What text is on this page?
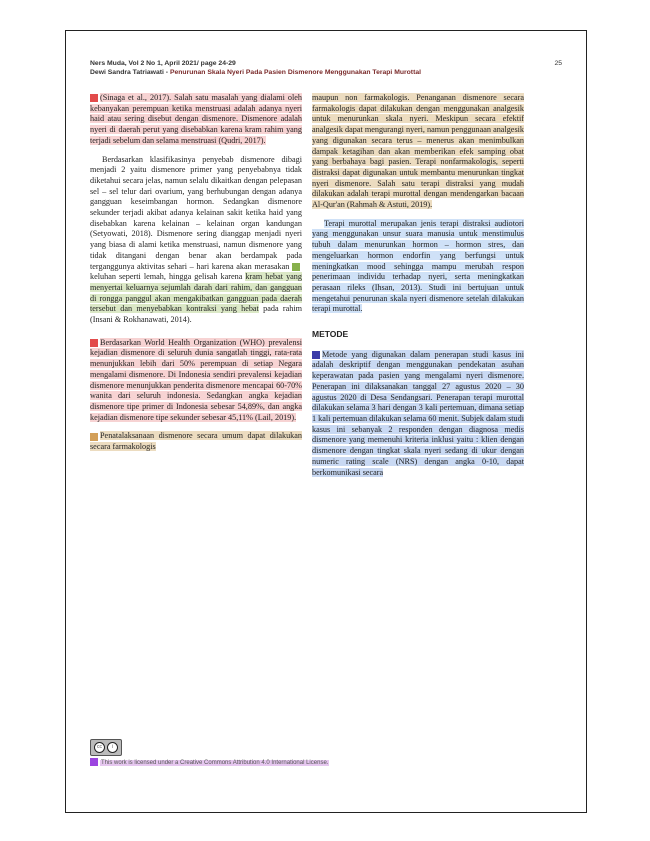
Ners Muda, Vol 2 No 1, April 2021/ page 24-29	25
Dewi Sandra Tatriawati - Penurunan Skala Nyeri Pada Pasien Dismenore Menggunakan Terapi Murottal

(Sinaga et al., 2017). Salah satu masalah yang dialami oleh kebanyakan perempuan ketika menstruasi adalah adanya nyeri haid atau sering disebut dengan dismenore. Dismenore adalah nyeri di daerah perut yang disebabkan karena kram rahim yang terjadi sebelum dan selama menstruasi (Qudri, 2017).

Berdasarkan klasifikasinya penyebab dismenore dibagi menjadi 2 yaitu dismenore primer yang penyebabnya tidak diketahui secara jelas, namun selalu dikaitkan dengan pelepasan sel – sel telur dari ovarium, yang berhubungan dengan adanya gangguan keseimbangan hormon. Sedangkan dismenore sekunder terjadi akibat adanya kelainan sakit ketika haid yang disebabkan karena kelainan – kelainan organ kandungan (Setyowati, 2018). Dismenore sering dianggap menjadi nyeri yang biasa di alami ketika menstruasi, namun dismenore yang tidak ditangani dengan benar akan berdampak pada terganggunya aktivitas sehari – hari karena akan merasakan keluhan seperti lemah, hingga gelisah karena kram hebat yang menyertai keluarnya sejumlah darah dari rahim, dan gangguan di rongga panggul akan mengakibatkan gangguan pada daerah tersebut dan menyebabkan kontraksi yang hebat pada rahim (Insani & Rokhanawati, 2014).

Berdasarkan World Health Organization (WHO) prevalensi kejadian dismenore di seluruh dunia sangatlah tinggi, rata-rata menunjukkan lebih dari 50% perempuan di setiap Negara mengalami dismenore. Di Indonesia sendiri prevalensi kejadian dismenore menunjukkan penderita dismenore mencapai 60-70% wanita dari seluruh indonesia. Sedangkan angka kejadian dismenore tipe primer di Indonesia sebesar 54,89%, dan angka kejadian dismenore tipe sekunder sebesar 45,11% (Lail, 2019).

Penatalaksanaan dismenore secara umum dapat dilakukan secara farmakologis

maupun non farmakologis. Penanganan dismenore secara farmakologis dapat dilakukan dengan menggunakan analgesik untuk menurunkan skala nyeri. Meskipun secara efektif analgesik dapat mengurangi nyeri, namun penggunaan analgesik yang digunakan secara terus – menerus akan menimbulkan dampak ketagihan dan akan memberikan efek samping obat yang berbahaya bagi pasien. Terapi nonfarmakologis, seperti distraksi dapat digunakan untuk membantu menurunkan tingkat nyeri dismenore. Salah satu terapi distraksi yang mudah dilakukan adalah terapi murottal dengan mendengarkan bacaan Al-Qur'an (Rahmah & Astuti, 2019).

Terapi murottal merupakan jenis terapi distraksi audiotori yang menggunakan unsur suara manusia untuk menstimulus tubuh dalam menurunkan hormon – hormon stres, dan mengeluarkan hormon endorfin yang berfungsi untuk meningkatkan mood sehingga mampu merubah respon penerimaan individu terhadap nyeri, serta meningkatkan perasaan rileks (Ihsan, 2013). Studi ini bertujuan untuk mengetahui penurunan skala nyeri dismenore setelah dilakukan terapi murottal.

METODE

Metode yang digunakan dalam penerapan studi kasus ini adalah deskriptif dengan menggunakan pendekatan asuhan keperawatan pada pasien yang mengalami nyeri dismenore. Penerapan ini dilaksanakan tanggal 27 agustus 2020 – 30 agustus 2020 di Desa Sendangsari. Penerapan terapi murottal dilakukan selama 3 hari dengan 3 kali pertemuan, dimana setiap 1 kali pertemuan dilakukan selama 60 menit. Subjek dalam studi kasus ini sebanyak 2 responden dengan diagnosa medis dismenore yang memenuhi kriteria inklusi yaitu : klien dengan dismenore dengan tingkat skala nyeri sedang di ukur dengan numeric rating scale (NRS) dengan angka 0-10, dapat berkomunikasi secara

cc	i

This work is licensed under a Creative Commons Attribution 4.0 International License.
